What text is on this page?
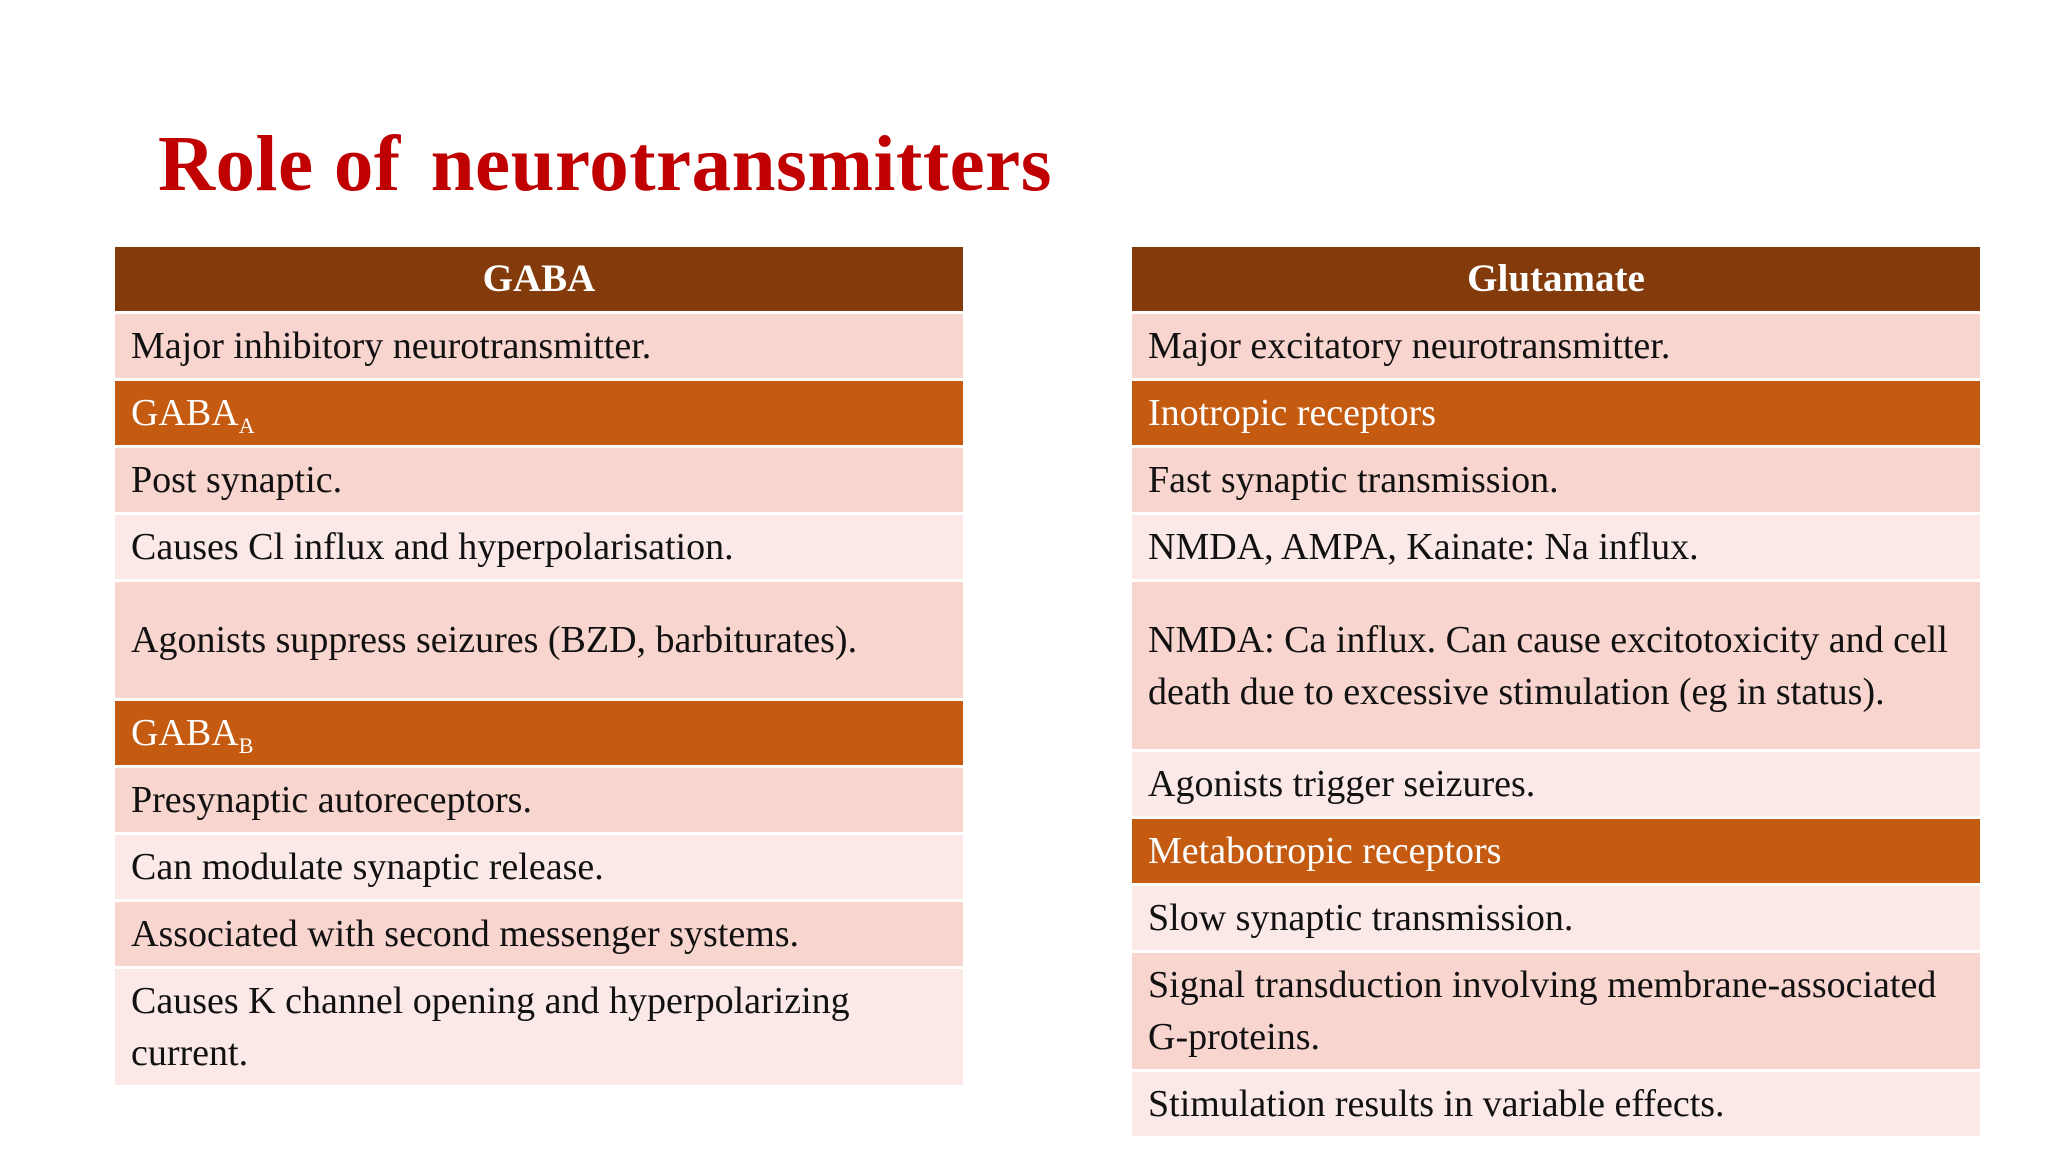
Role of neurotransmitters
GABA
Major inhibitory neurotransmitter.
$GABA_A$
Post synaptic.
Causes Cl influx and hyperpolarisation.
Agonists suppress seizures (BZD, barbiturates).
$GABA_B$
Presynaptic autoreceptors.
Can modulate synaptic release.
Associated with second messenger systems.
Causes K channel opening and hyperpolarizing current.
Glutamate
Major excitatory neurotransmitter.
Inotropic receptors
Fast synaptic transmission.
NMDA, AMPA, Kainate: Na influx.
NMDA: Ca influx. Can cause excitotoxicity and cell death due to excessive stimulation (eg in status).
Agonists trigger seizures.
Metabotropic receptors
Slow synaptic transmission.
Signal transduction involving membrane-associated G-proteins.
Stimulation results in variable effects.
